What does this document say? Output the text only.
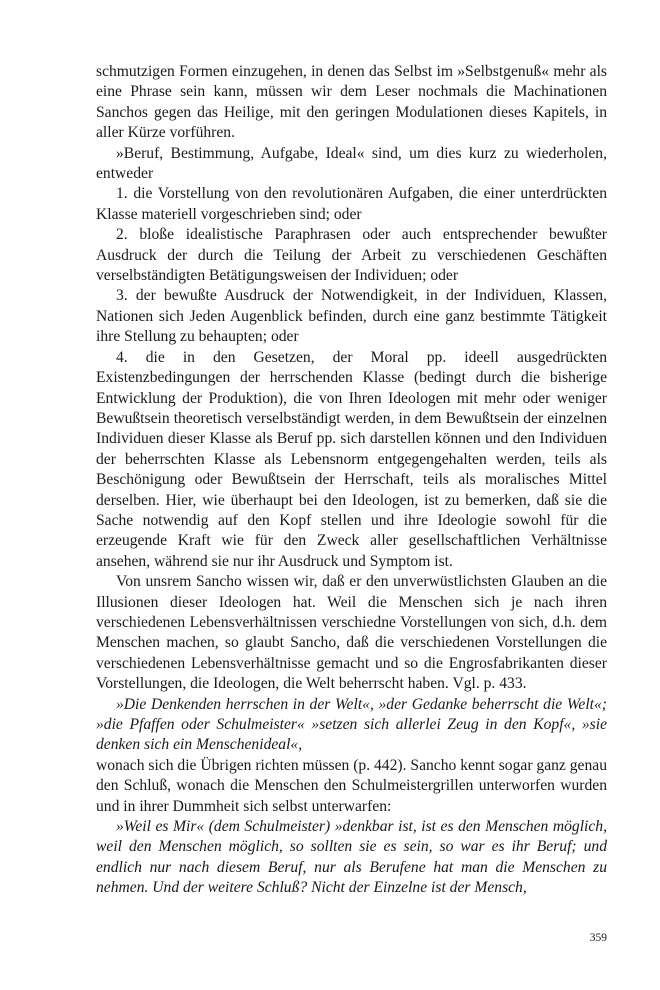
schmutzigen Formen einzugehen, in denen das Selbst im »Selbstgenuß« mehr als eine Phrase sein kann, müssen wir dem Leser nochmals die Machinationen Sanchos gegen das Heilige, mit den geringen Modulationen dieses Kapitels, in aller Kürze vorführen.

»Beruf, Bestimmung, Aufgabe, Ideal« sind, um dies kurz zu wiederholen, entweder

1. die Vorstellung von den revolutionären Aufgaben, die einer unterdrückten Klasse materiell vorgeschrieben sind; oder

2. bloße idealistische Paraphrasen oder auch entsprechender bewußter Ausdruck der durch die Teilung der Arbeit zu verschiedenen Geschäften verselbständigten Betätigungsweisen der Individuen; oder

3. der bewußte Ausdruck der Notwendigkeit, in der Individuen, Klassen, Nationen sich Jeden Augenblick befinden, durch eine ganz bestimmte Tätigkeit ihre Stellung zu behaupten; oder

4. die in den Gesetzen, der Moral pp. ideell ausgedrückten Existenzbedingungen der herrschenden Klasse (bedingt durch die bisherige Entwicklung der Produktion), die von Ihren Ideologen mit mehr oder weniger Bewußtsein theoretisch verselbständigt werden, in dem Bewußtsein der einzelnen Individuen dieser Klasse als Beruf pp. sich darstellen können und den Individuen der beherrschten Klasse als Lebensnorm entgegengehalten werden, teils als Beschönigung oder Bewußtsein der Herrschaft, teils als moralisches Mittel derselben. Hier, wie überhaupt bei den Ideologen, ist zu bemerken, daß sie die Sache notwendig auf den Kopf stellen und ihre Ideologie sowohl für die erzeugende Kraft wie für den Zweck aller gesellschaftlichen Verhältnisse ansehen, während sie nur ihr Ausdruck und Symptom ist.

Von unsrem Sancho wissen wir, daß er den unverwüstlichsten Glauben an die Illusionen dieser Ideologen hat. Weil die Menschen sich je nach ihren verschiedenen Lebensverhältnissen verschiedne Vorstellungen von sich, d.h. dem Menschen machen, so glaubt Sancho, daß die verschiedenen Vorstellungen die verschiedenen Lebensverhältnisse gemacht und so die Engrosfabrikanten dieser Vorstellungen, die Ideologen, die Welt beherrscht haben. Vgl. p. 433.

»Die Denkenden herrschen in der Welt«, »der Gedanke beherrscht die Welt«; »die Pfaffen oder Schulmeister« »setzen sich allerlei Zeug in den Kopf«, »sie denken sich ein Menschenideal«,

wonach sich die Übrigen richten müssen (p. 442). Sancho kennt sogar ganz genau den Schluß, wonach die Menschen den Schulmeistergrillen unterworfen wurden und in ihrer Dummheit sich selbst unterwarfen:

»Weil es Mir« (dem Schulmeister) »denkbar ist, ist es den Menschen möglich, weil den Menschen möglich, so sollten sie es sein, so war es ihr Beruf; und endlich nur nach diesem Beruf, nur als Berufene hat man die Menschen zu nehmen. Und der weitere Schluß? Nicht der Einzelne ist der Mensch,

359
